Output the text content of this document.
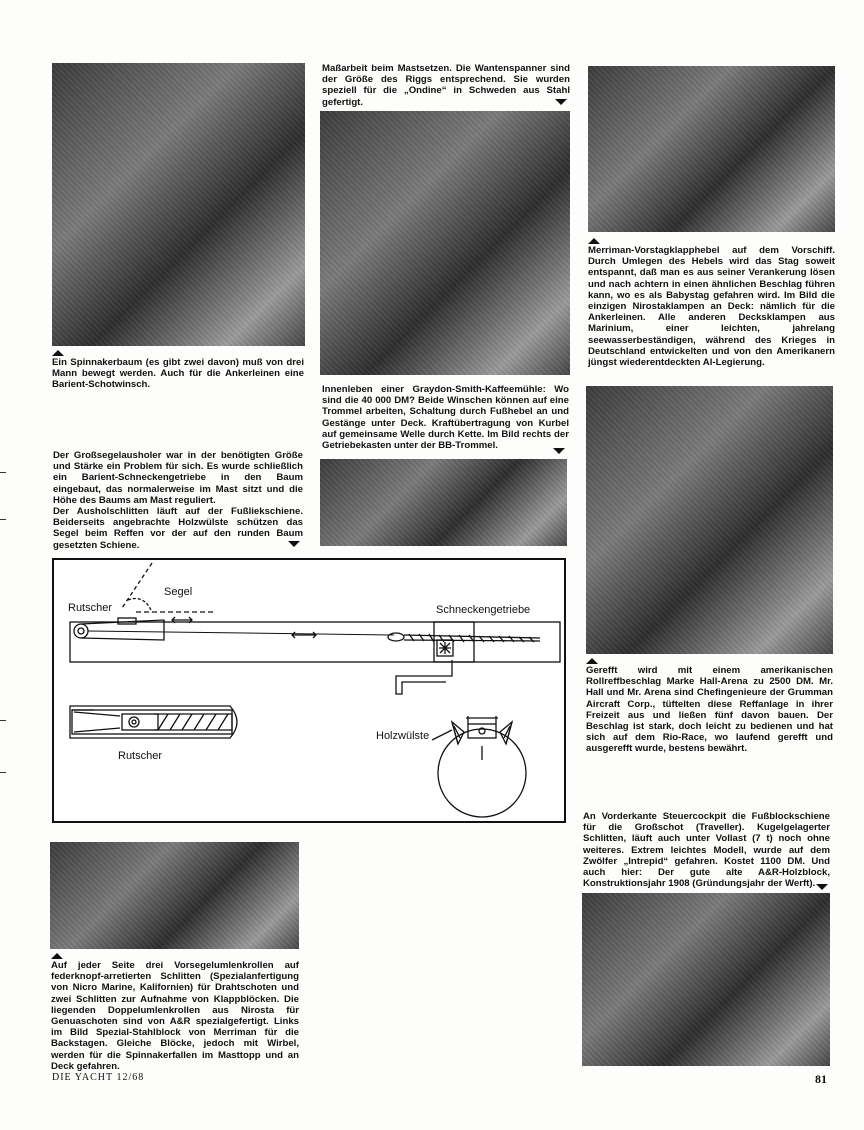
Ein Spinnakerbaum (es gibt zwei davon) muß von drei Mann bewegt werden. Auch für die Ankerleinen eine Barient-Schotwinsch.

Maßarbeit beim Mastsetzen. Die Wantenspanner sind der Größe des Riggs entsprechend. Sie wurden speziell für die „Ondine“ in Schweden aus Stahl gefertigt.

Merriman-Vorstagklapphebel auf dem Vorschiff. Durch Umlegen des Hebels wird das Stag soweit entspannt, daß man es aus seiner Verankerung lösen und nach achtern in einen ähnlichen Beschlag führen kann, wo es als Babystag gefahren wird. Im Bild die einzigen Nirostaklampen an Deck: nämlich für die Ankerleinen. Alle anderen Decksklampen aus Marinium, einer leichten, jahrelang seewasserbeständigen, während des Krieges in Deutschland entwickelten und von den Amerikanern jüngst wiederentdeckten Al-Legierung.

Innenleben einer Graydon-Smith-Kaffeemühle: Wo sind die 40 000 DM? Beide Winschen können auf eine Trommel arbeiten, Schaltung durch Fußhebel an und Gestänge unter Deck. Kraftübertragung von Kurbel auf gemeinsame Welle durch Kette. Im Bild rechts der Getriebekasten unter der BB-Trommel.

Der Großsegelausholer war in der benötigten Größe und Stärke ein Problem für sich. Es wurde schließlich ein Barient-Schneckengetriebe in den Baum eingebaut, das normalerweise im Mast sitzt und die Höhe des Baums am Mast reguliert.

Der Ausholschlitten läuft auf der Fußliekschiene. Beiderseits angebrachte Holzwülste schützen das Segel beim Reffen vor der auf den runden Baum gesetzten Schiene.

Segel
Rutscher	Schneckengetriebe
Rutscher
Holzwülste

Gerefft wird mit einem amerikanischen Rollreffbeschlag Marke Hall-Arena zu 2500 DM. Mr. Hall und Mr. Arena sind Chefingenieure der Grumman Aircraft Corp., tüftelten diese Reffanlage in ihrer Freizeit aus und ließen fünf davon bauen. Der Beschlag ist stark, doch leicht zu bedienen und hat sich auf dem Rio-Race, wo laufend gerefft und ausgerefft wurde, bestens bewährt.

Auf jeder Seite drei Vorsegelumlenkrollen auf federknopf-arretierten Schlitten (Spezialanfertigung von Nicro Marine, Kalifornien) für Drahtschoten und zwei Schlitten zur Aufnahme von Klappblöcken. Die liegenden Doppelumlenkrollen aus Nirosta für Genuaschoten sind von A&R spezialgefertigt. Links im Bild Spezial-Stahlblock von Merriman für die Backstagen. Gleiche Blöcke, jedoch mit Wirbel, werden für die Spinnakerfallen im Masttopp und an Deck gefahren.

An Vorderkante Steuercockpit die Fußblockschiene für die Großschot (Traveller). Kugelgelagerter Schlitten, läuft auch unter Vollast (7 t) noch ohne weiteres. Extrem leichtes Modell, wurde auf dem Zwölfer „Intrepid“ gefahren. Kostet 1100 DM. Und auch hier: Der gute alte A&R-Holzblock, Konstruktionsjahr 1908 (Gründungsjahr der Werft).

DIE YACHT 12/68	81
